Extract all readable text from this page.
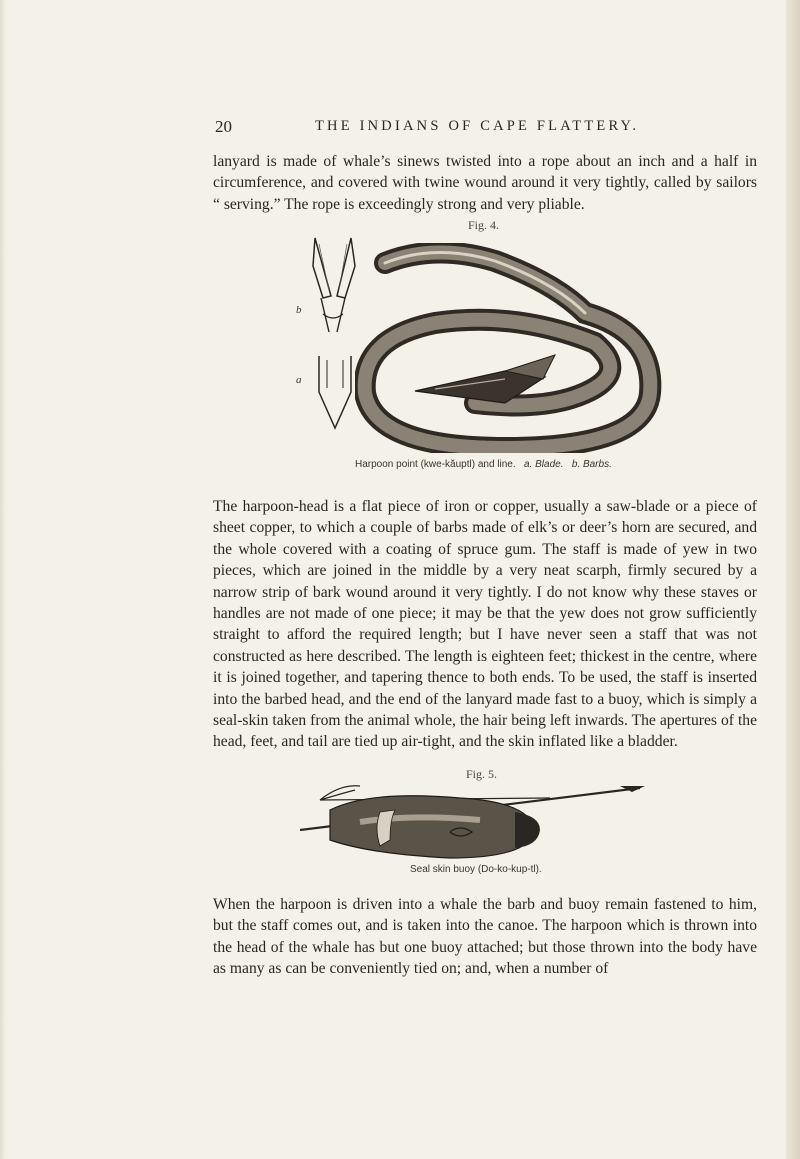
20	THE INDIANS OF CAPE FLATTERY.

lanyard is made of whale’s sinews twisted into a rope about an inch and a half in circumference, and covered with twine wound around it very tightly, called by sailors “ serving.” The rope is exceedingly strong and very pliable.

Fig. 4.
b
a
Harpoon point (kwe-kăuptl) and line. a. Blade. b. Barbs.

The harpoon-head is a flat piece of iron or copper, usually a saw-blade or a piece of sheet copper, to which a couple of barbs made of elk’s or deer’s horn are secured, and the whole covered with a coating of spruce gum. The staff is made of yew in two pieces, which are joined in the middle by a very neat scarph, firmly secured by a narrow strip of bark wound around it very tightly. I do not know why these staves or handles are not made of one piece; it may be that the yew does not grow sufficiently straight to afford the required length; but I have never seen a staff that was not constructed as here described. The length is eighteen feet; thickest in the centre, where it is joined together, and tapering thence to both ends. To be used, the staff is inserted into the barbed head, and the end of the lanyard made fast to a buoy, which is simply a seal-skin taken from the animal whole, the hair being left inwards. The apertures of the head, feet, and tail are tied up air-tight, and the skin inflated like a bladder.

Fig. 5.
Seal skin buoy (Do-ko-kup-tl).

When the harpoon is driven into a whale the barb and buoy remain fastened to him, but the staff comes out, and is taken into the canoe. The harpoon which is thrown into the head of the whale has but one buoy attached; but those thrown into the body have as many as can be conveniently tied on; and, when a number of
